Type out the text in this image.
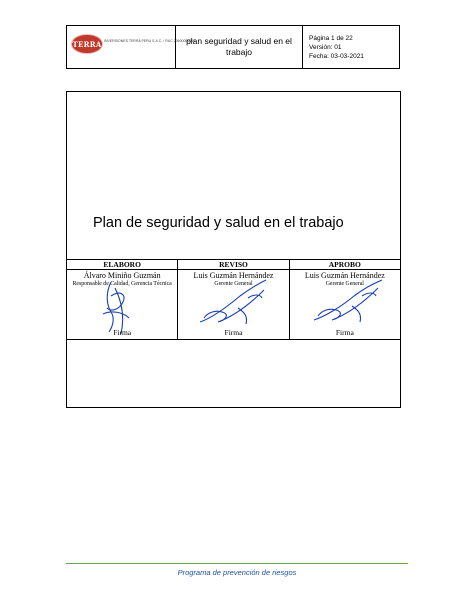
TERRA INVERSIONES TERRA PERU S.A.C. / RUC 20600000001
plan seguridad y salud en el trabajo
Página 1 de 22
Versión: 01
Fecha: 03-03-2021
Plan de seguridad y salud en el trabajo
ELABORO
Álvaro Miniño Guzmán
Responsable de Calidad, Gerencia Técnica
Firma
REVISO
Luis Guzmán Hernández
Gerente General
Firma
APROBO
Luis Guzmán Hernández
Gerente General
Firma
Programa de prevención de riesgos
